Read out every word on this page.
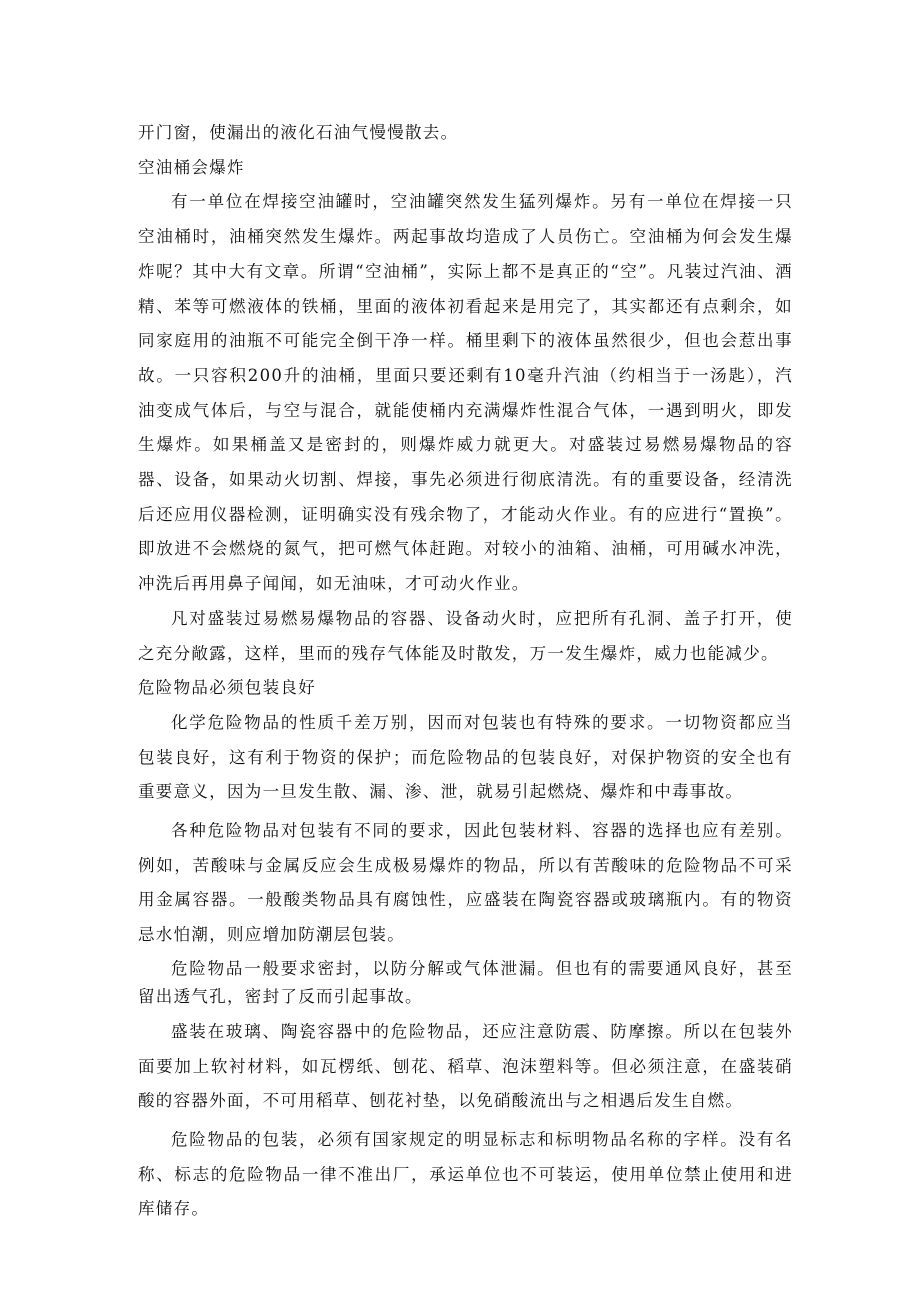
开门窗，使漏出的液化石油气慢慢散去。

空油桶会爆炸

有一单位在焊接空油罐时，空油罐突然发生猛列爆炸。另有一单位在焊接一只空油桶时，油桶突然发生爆炸。两起事故均造成了人员伤亡。空油桶为何会发生爆炸呢？其中大有文章。所谓“空油桶”，实际上都不是真正的“空”。凡装过汽油、酒精、苯等可燃液体的铁桶，里面的液体初看起来是用完了，其实都还有点剩余，如同家庭用的油瓶不可能完全倒干净一样。桶里剩下的液体虽然很少，但也会惹出事故。一只容积200升的油桶，里面只要还剩有10毫升汽油（约相当于一汤匙），汽油变成气体后，与空与混合，就能使桶内充满爆炸性混合气体，一遇到明火，即发生爆炸。如果桶盖又是密封的，则爆炸威力就更大。对盛装过易燃易爆物品的容器、设备，如果动火切割、焊接，事先必须进行彻底清洗。有的重要设备，经清洗后还应用仪器检测，证明确实没有残余物了，才能动火作业。有的应进行“置换”。即放进不会燃烧的氮气，把可燃气体赶跑。对较小的油箱、油桶，可用碱水冲洗，冲洗后再用鼻子闻闻，如无油味，才可动火作业。

凡对盛装过易燃易爆物品的容器、设备动火时，应把所有孔洞、盖子打开，使之充分敞露，这样，里而的残存气体能及时散发，万一发生爆炸，威力也能减少。

危险物品必须包装良好

化学危险物品的性质千差万别，因而对包装也有特殊的要求。一切物资都应当包装良好，这有利于物资的保护；而危险物品的包装良好，对保护物资的安全也有重要意义，因为一旦发生散、漏、渗、泄，就易引起燃烧、爆炸和中毒事故。

各种危险物品对包装有不同的要求，因此包装材料、容器的选择也应有差别。例如，苦酸味与金属反应会生成极易爆炸的物品，所以有苦酸味的危险物品不可采用金属容器。一般酸类物品具有腐蚀性，应盛装在陶瓷容器或玻璃瓶内。有的物资忌水怕潮，则应增加防潮层包装。

危险物品一般要求密封，以防分解或气体泄漏。但也有的需要通风良好，甚至留出透气孔，密封了反而引起事故。

盛装在玻璃、陶瓷容器中的危险物品，还应注意防震、防摩擦。所以在包装外面要加上软衬材料，如瓦楞纸、刨花、稻草、泡沫塑料等。但必须注意，在盛装硝酸的容器外面，不可用稻草、刨花衬垫，以免硝酸流出与之相遇后发生自燃。

危险物品的包装，必须有国家规定的明显标志和标明物品名称的字样。没有名称、标志的危险物品一律不准出厂，承运单位也不可装运，使用单位禁止使用和进库储存。
